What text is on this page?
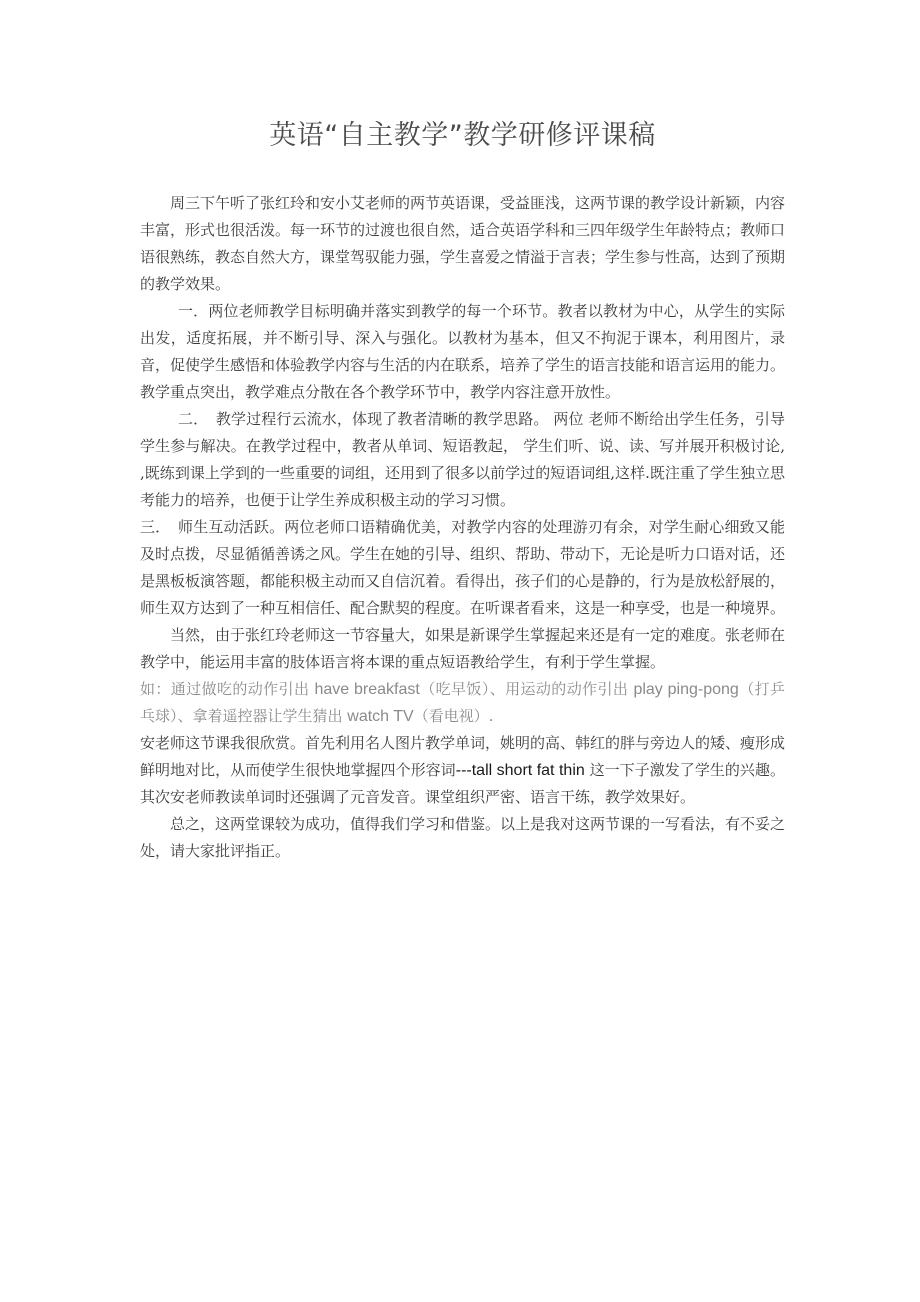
英语“自主教学”教学研修评课稿

周三下午听了张红玲和安小艾老师的两节英语课，受益匪浅，这两节课的教学设计新颖，内容丰富，形式也很活泼。每一环节的过渡也很自然，适合英语学科和三四年级学生年龄特点；教师口语很熟练，教态自然大方，课堂驾驭能力强，学生喜爱之情溢于言表；学生参与性高，达到了预期的教学效果。

一．两位老师教学目标明确并落实到教学的每一个环节。教者以教材为中心，从学生的实际出发，适度拓展，并不断引导、深入与强化。以教材为基本，但又不拘泥于课本，利用图片，录音，促使学生感悟和体验教学内容与生活的内在联系，培养了学生的语言技能和语言运用的能力。教学重点突出，教学难点分散在各个教学环节中，教学内容注意开放性。

二．　教学过程行云流水，体现了教者清晰的教学思路。 两位 老师不断给出学生任务，引导学生参与解决。在教学过程中，教者从单词、短语教起， 学生们听、说、读、写并展开积极讨论, ,既练到课上学到的一些重要的词组，还用到了很多以前学过的短语词组,这样.既注重了学生独立思考能力的培养，也便于让学生养成积极主动的学习习惯。

三．　师生互动活跃。两位老师口语精确优美，对教学内容的处理游刃有余，对学生耐心细致又能及时点拨，尽显循循善诱之风。学生在她的引导、组织、帮助、带动下，无论是听力口语对话，还是黑板板演答题，都能积极主动而又自信沉着。看得出，孩子们的心是静的，行为是放松舒展的，师生双方达到了一种互相信任、配合默契的程度。在听课者看来，这是一种享受，也是一种境界。

当然，由于张红玲老师这一节容量大，如果是新课学生掌握起来还是有一定的难度。张老师在教学中，能运用丰富的肢体语言将本课的重点短语教给学生，有利于学生掌握。

如：通过做吃的动作引出 have breakfast（吃早饭）、用运动的动作引出 play ping-pong（打乒乓球）、拿着遥控器让学生猜出 watch TV（看电视）.

安老师这节课我很欣赏。首先利用名人图片教学单词，姚明的高、韩红的胖与旁边人的矮、瘦形成鲜明地对比，从而使学生很快地掌握四个形容词---tall short fat thin 这一下子激发了学生的兴趣。其次安老师教读单词时还强调了元音发音。课堂组织严密、语言干练，教学效果好。

总之，这两堂课较为成功，值得我们学习和借鉴。以上是我对这两节课的一写看法，有不妥之处，请大家批评指正。
